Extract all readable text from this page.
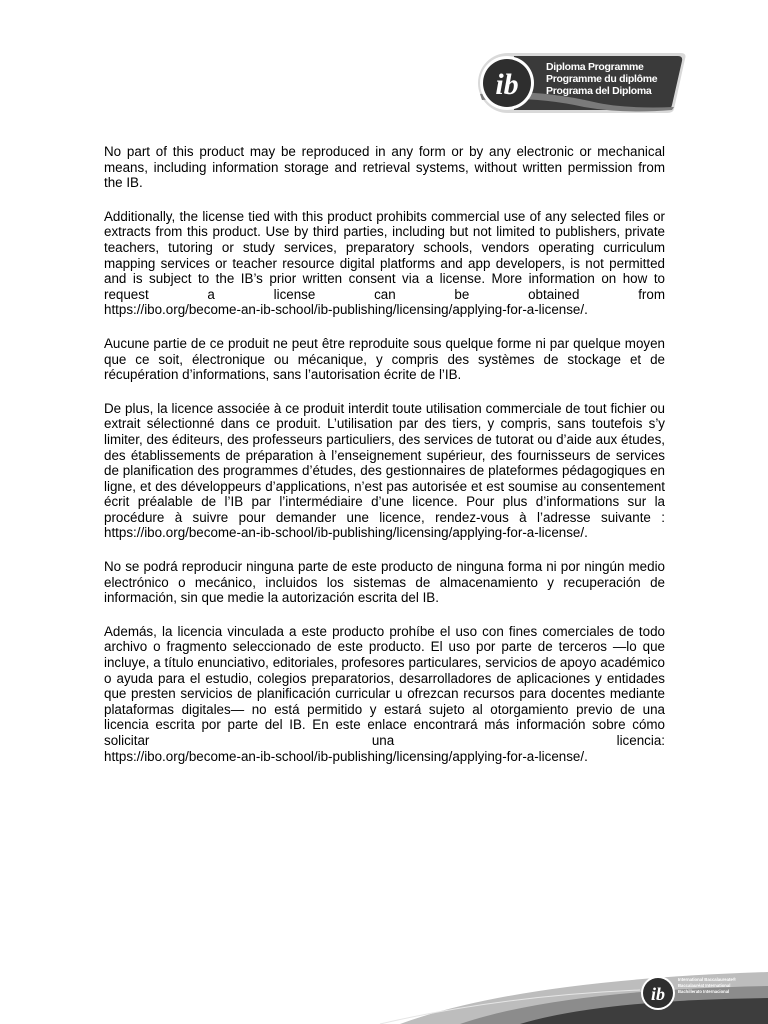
ib
Diploma Programme
Programme du diplôme
Programa del Diploma

No part of this product may be reproduced in any form or by any electronic or mechanical means, including information storage and retrieval systems, without written permission from the IB.

Additionally, the license tied with this product prohibits commercial use of any selected files or extracts from this product. Use by third parties, including but not limited to publishers, private teachers, tutoring or study services, preparatory schools, vendors operating curriculum mapping services or teacher resource digital platforms and app developers, is not permitted and is subject to the IB’s prior written consent via a license. More information on how to request a license can be obtained from https://ibo.org/become-an-ib-school/ib-publishing/licensing/applying-for-a-license/.

Aucune partie de ce produit ne peut être reproduite sous quelque forme ni par quelque moyen que ce soit, électronique ou mécanique, y compris des systèmes de stockage et de récupération d’informations, sans l’autorisation écrite de l’IB.

De plus, la licence associée à ce produit interdit toute utilisation commerciale de tout fichier ou extrait sélectionné dans ce produit. L’utilisation par des tiers, y compris, sans toutefois s’y limiter, des éditeurs, des professeurs particuliers, des services de tutorat ou d’aide aux études, des établissements de préparation à l’enseignement supérieur, des fournisseurs de services de planification des programmes d’études, des gestionnaires de plateformes pédagogiques en ligne, et des développeurs d’applications, n’est pas autorisée et est soumise au consentement écrit préalable de l’IB par l’intermédiaire d’une licence. Pour plus d’informations sur la procédure à suivre pour demander une licence, rendez-vous à l’adresse suivante : https://ibo.org/become-an-ib-school/ib-publishing/licensing/applying-for-a-license/.

No se podrá reproducir ninguna parte de este producto de ninguna forma ni por ningún medio electrónico o mecánico, incluidos los sistemas de almacenamiento y recuperación de información, sin que medie la autorización escrita del IB.

Además, la licencia vinculada a este producto prohíbe el uso con fines comerciales de todo archivo o fragmento seleccionado de este producto. El uso por parte de terceros —lo que incluye, a título enunciativo, editoriales, profesores particulares, servicios de apoyo académico o ayuda para el estudio, colegios preparatorios, desarrolladores de aplicaciones y entidades que presten servicios de planificación curricular u ofrezcan recursos para docentes mediante plataformas digitales— no está permitido y estará sujeto al otorgamiento previo de una licencia escrita por parte del IB. En este enlace encontrará más información sobre cómo solicitar una licencia: https://ibo.org/become-an-ib-school/ib-publishing/licensing/applying-for-a-license/.

ib
International Baccalaureate®
Baccalauréat International
Bachillerato Internacional
